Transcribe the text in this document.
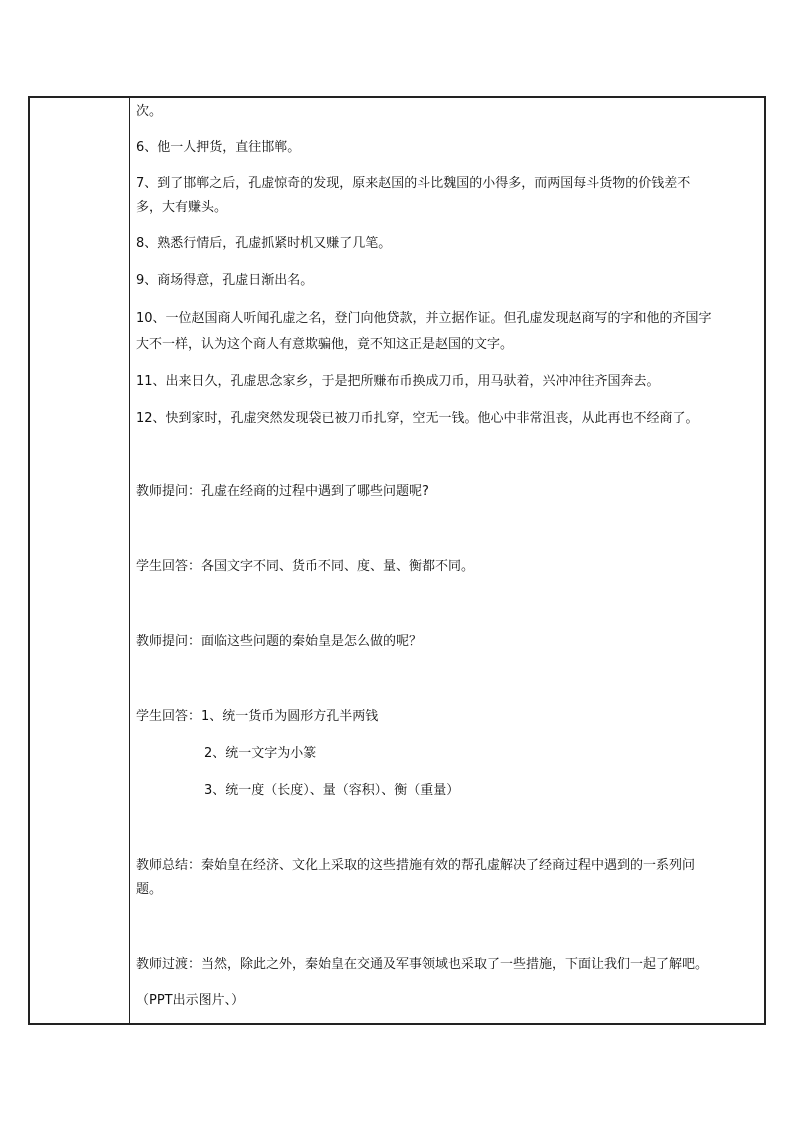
次。
6、他一人押货，直往邯郸。
7、到了邯郸之后，孔虚惊奇的发现，原来赵国的斗比魏国的小得多，而两国每斗货物的价钱差不
多，大有赚头。
8、熟悉行情后，孔虚抓紧时机又赚了几笔。
9、商场得意，孔虚日渐出名。
10、一位赵国商人听闻孔虚之名，登门向他贷款，并立据作证。但孔虚发现赵商写的字和他的齐国字
大不一样，认为这个商人有意欺骗他，竟不知这正是赵国的文字。
11、出来日久，孔虚思念家乡，于是把所赚布币换成刀币，用马驮着，兴冲冲往齐国奔去。
12、快到家时，孔虚突然发现袋已被刀币扎穿，空无一钱。他心中非常沮丧，从此再也不经商了。
教师提问：孔虚在经商的过程中遇到了哪些问题呢?
学生回答：各国文字不同、货币不同、度、量、衡都不同。
教师提问：面临这些问题的秦始皇是怎么做的呢？
学生回答：1、统一货币为圆形方孔半两钱
2、统一文字为小篆
3、统一度（长度）、量（容积）、衡（重量）
教师总结：秦始皇在经济、文化上采取的这些措施有效的帮孔虚解决了经商过程中遇到的一系列问
题。
教师过渡：当然，除此之外，秦始皇在交通及军事领域也采取了一些措施，下面让我们一起了解吧。
（PPT出示图片、）
